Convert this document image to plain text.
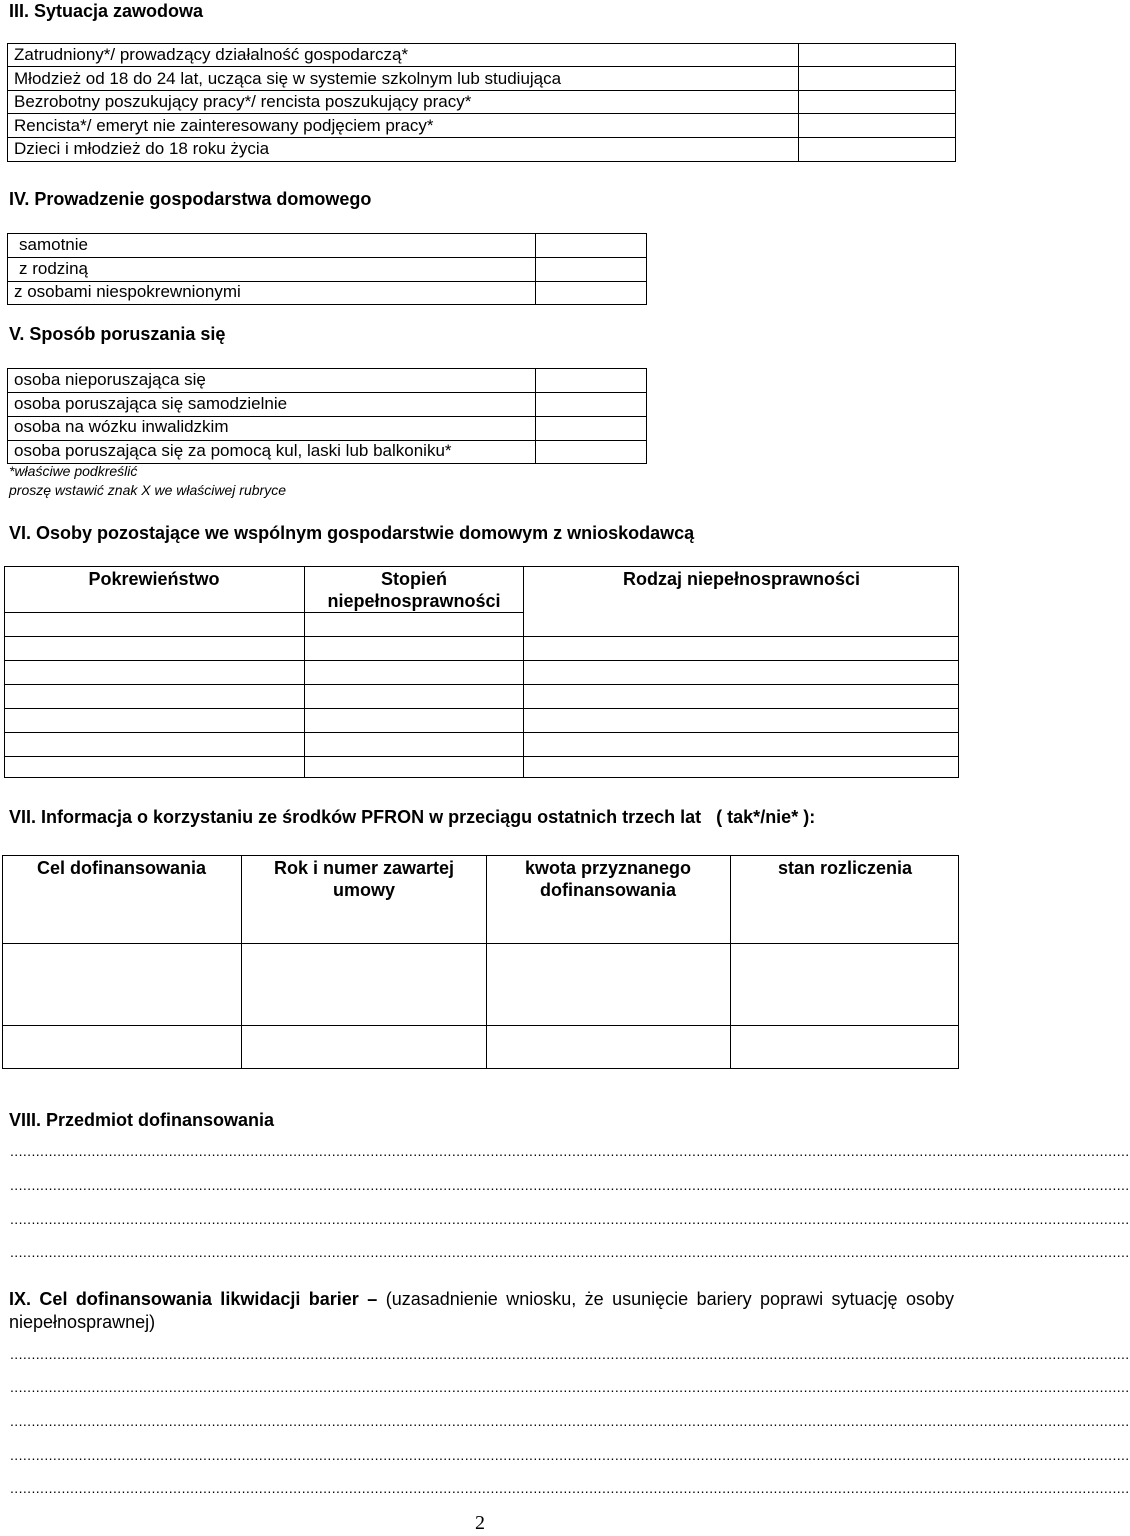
III. Sytuacja zawodowa
Zatrudniony*/ prowadzący działalność gospodarczą*
Młodzież od 18 do 24 lat, ucząca się w systemie szkolnym lub studiująca
Bezrobotny poszukujący pracy*/ rencista poszukujący pracy*
Rencista*/ emeryt nie zainteresowany podjęciem pracy*
Dzieci i młodzież do 18 roku życia
IV. Prowadzenie gospodarstwa domowego
samotnie
z rodziną
z osobami niespokrewnionymi
V. Sposób poruszania się
osoba nieporuszająca się
osoba poruszająca się samodzielnie
osoba na wózku inwalidzkim
osoba poruszająca się za pomocą kul, laski lub balkoniku*
*właściwe podkreślić
proszę wstawić znak X we właściwej rubryce
VI. Osoby pozostające we wspólnym gospodarstwie domowym z wnioskodawcą
Pokrewieństwo	Stopień niepełnosprawności
Rodzaj niepełnosprawności
VII. Informacja o korzystaniu ze środków PFRON w przeciągu ostatnich trzech lat ( tak*/nie* ):
Cel dofinansowania	Rok i numer zawartej umowy
kwota przyznanego dofinansowania
stan rozliczenia
VIII. Przedmiot dofinansowania
.....................................................................................................................................................................................................................................................................
.....................................................................................................................................................................................................................................................................
.....................................................................................................................................................................................................................................................................
.....................................................................................................................................................................................................................................................................
IX. Cel dofinansowania likwidacji barier – (uzasadnienie wniosku, że usunięcie bariery poprawi sytuację osoby niepełnosprawnej)
.....................................................................................................................................................................................................................................................................
.....................................................................................................................................................................................................................................................................
.....................................................................................................................................................................................................................................................................
.....................................................................................................................................................................................................................................................................
.....................................................................................................................................................................................................................................................................
2
